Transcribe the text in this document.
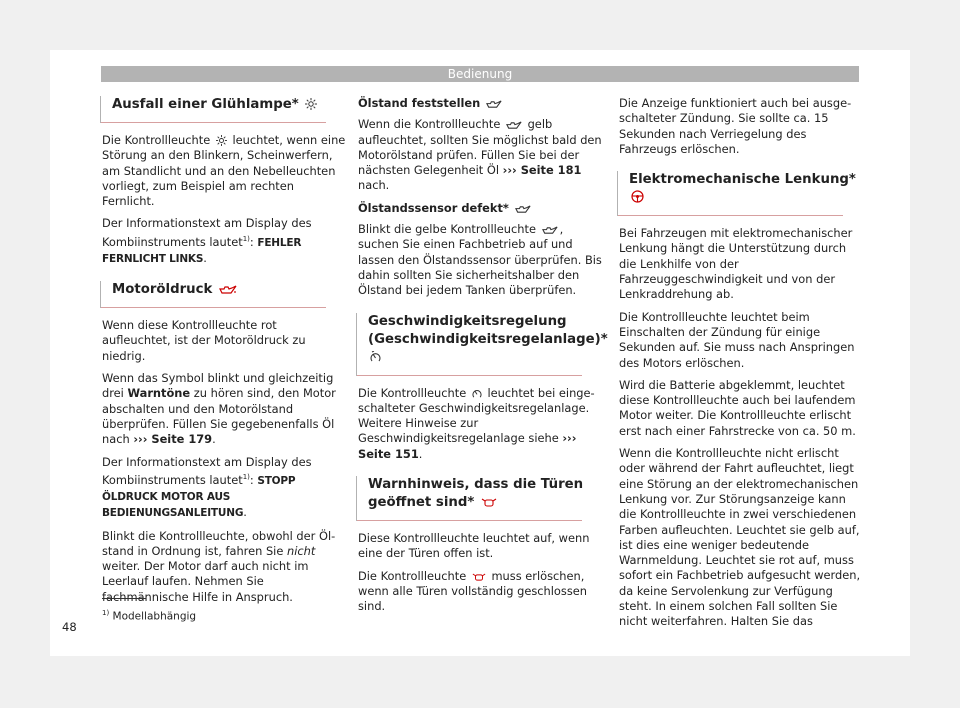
Bedienung
Ausfall einer Glühlampe*

Die Kontrollleuchte leuchtet, wenn eine Störung an den Blinkern, Scheinwerfern, am Standlicht und an den Nebelleuchten vorliegt, zum Beispiel am rechten Fernlicht.

Der Informationstext am Display des Kombiinstruments lautet$^{1)}$: FEHLER FERNLICHT LINKS.

Motoröldruck

Wenn diese Kontrollleuchte rot aufleuchtet, ist der Motoröldruck zu niedrig.

Wenn das Symbol blinkt und gleichzeitig drei Warntöne zu hören sind, den Motor abschalten und den Motorölstand überprüfen. Füllen Sie gegebenenfalls Öl nach ››› Seite 179.

Der Informationstext am Display des Kombiinstruments lautet$^{1)}$: STOPP ÖLDRUCK MOTOR AUS BEDIENUNGSANLEITUNG.

Blinkt die Kontrollleuchte, obwohl der Ölstand in Ordnung ist, fahren Sie nicht weiter. Der Motor darf auch nicht im Leerlauf laufen. Nehmen Sie fachmännische Hilfe in Anspruch.

Ölstand feststellen

Wenn die Kontrollleuchte gelb aufleuchtet, sollten Sie möglichst bald den Motorölstand prüfen. Füllen Sie bei der nächsten Gelegenheit Öl ››› Seite 181 nach.

Ölstandssensor defekt*

Blinkt die gelbe Kontrollleuchte , suchen Sie einen Fachbetrieb auf und lassen den Ölstandssensor überprüfen. Bis dahin sollten Sie sicherheitshalber den Ölstand bei jedem Tanken überprüfen.

Geschwindigkeitsregelung (Geschwindigkeitsregelanlage)*

Die Kontrollleuchte leuchtet bei eingeschalteter Geschwindigkeitsregelanlage. Weitere Hinweise zur Geschwindigkeitsregelanlage siehe ››› Seite 151.

Warnhinweis, dass die Türen geöffnet sind*

Diese Kontrollleuchte leuchtet auf, wenn eine der Türen offen ist.

Die Kontrollleuchte muss erlöschen, wenn alle Türen vollständig geschlossen sind.

Die Anzeige funktioniert auch bei ausgeschalteter Zündung. Sie sollte ca. 15 Sekunden nach Verriegelung des Fahrzeugs erlöschen.

Elektromechanische Lenkung*

Bei Fahrzeugen mit elektromechanischer Lenkung hängt die Unterstützung durch die Lenkhilfe von der Fahrzeuggeschwindigkeit und von der Lenkraddrehung ab.

Die Kontrollleuchte leuchtet beim Einschalten der Zündung für einige Sekunden auf. Sie muss nach Anspringen des Motors erlöschen.

Wird die Batterie abgeklemmt, leuchtet diese Kontrollleuchte auch bei laufendem Motor weiter. Die Kontrollleuchte erlischt erst nach einer Fahrstrecke von ca. 50 m.

Wenn die Kontrollleuchte nicht erlischt oder während der Fahrt aufleuchtet, liegt eine Störung an der elektromechanischen Lenkung vor. Zur Störungsanzeige kann die Kontrollleuchte in zwei verschiedenen Farben aufleuchten. Leuchtet sie gelb auf, ist dies eine weniger bedeutende Warnmeldung. Leuchtet sie rot auf, muss sofort ein Fachbetrieb aufgesucht werden, da keine Servolenkung zur Verfügung steht. In einem solchen Fall sollten Sie nicht weiterfahren. Halten Sie das

$^{1)}$ Modellabhängig
48
